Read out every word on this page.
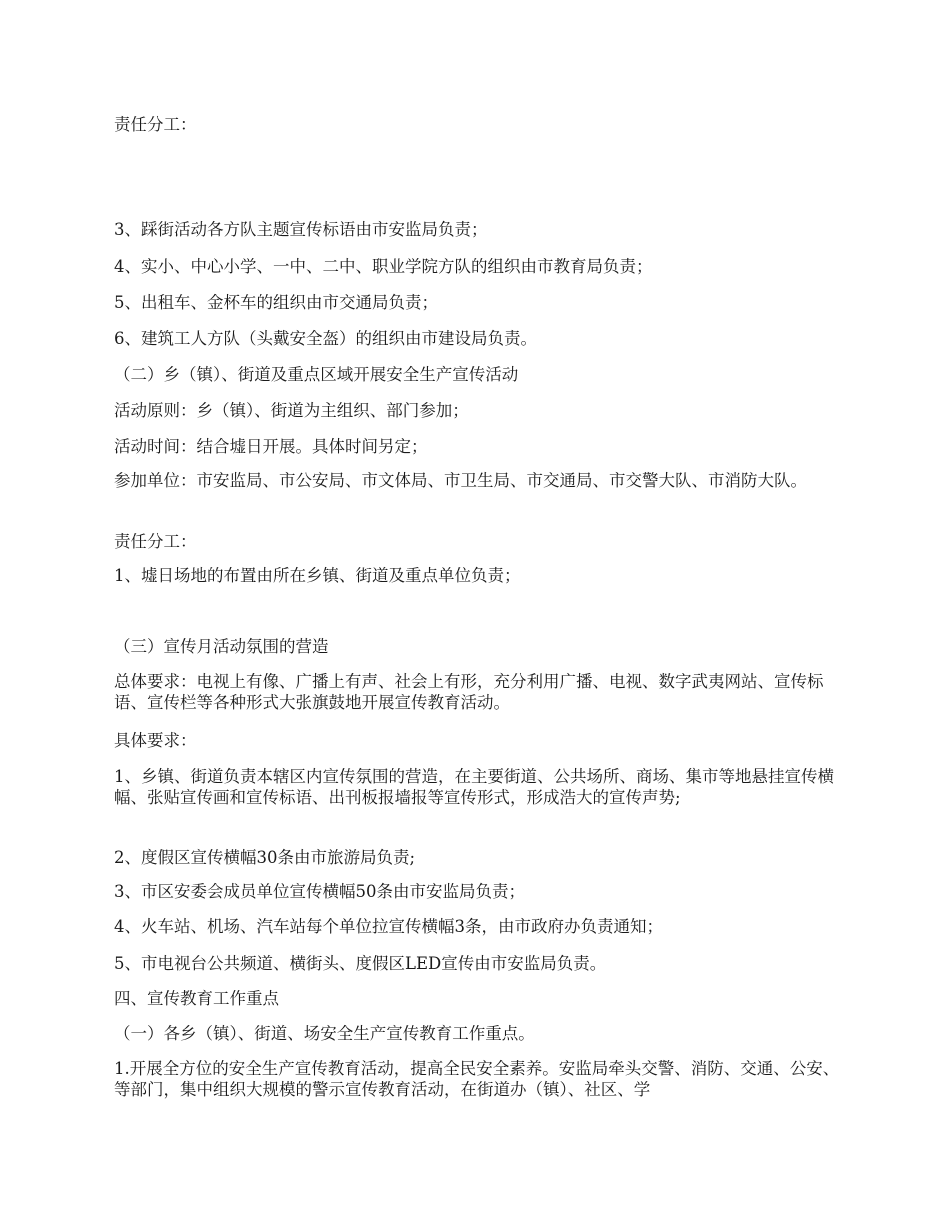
责任分工：

3、踩街活动各方队主题宣传标语由市安监局负责；

4、实小、中心小学、一中、二中、职业学院方队的组织由市教育局负责；

5、出租车、金杯车的组织由市交通局负责；

6、建筑工人方队（头戴安全盔）的组织由市建设局负责。

（二）乡（镇）、街道及重点区域开展安全生产宣传活动

活动原则：乡（镇）、街道为主组织、部门参加；

活动时间：结合墟日开展。具体时间另定；

参加单位：市安监局、市公安局、市文体局、市卫生局、市交通局、市交警大队、市消防大队。

责任分工：

1、墟日场地的布置由所在乡镇、街道及重点单位负责；

（三）宣传月活动氛围的营造

总体要求：电视上有像、广播上有声、社会上有形，充分利用广播、电视、数字武夷网站、宣传标语、宣传栏等各种形式大张旗鼓地开展宣传教育活动。

具体要求：

1、乡镇、街道负责本辖区内宣传氛围的营造，在主要街道、公共场所、商场、集市等地悬挂宣传横幅、张贴宣传画和宣传标语、出刊板报墙报等宣传形式，形成浩大的宣传声势;

2、度假区宣传横幅30条由市旅游局负责;

3、市区安委会成员单位宣传横幅50条由市安监局负责；

4、火车站、机场、汽车站每个单位拉宣传横幅3条，由市政府办负责通知；

5、市电视台公共频道、横街头、度假区LED宣传由市安监局负责。

四、宣传教育工作重点

（一）各乡（镇）、街道、场安全生产宣传教育工作重点。

1.开展全方位的安全生产宣传教育活动，提高全民安全素养。安监局牵头交警、消防、交通、公安、等部门，集中组织大规模的警示宣传教育活动，在街道办（镇）、社区、学
